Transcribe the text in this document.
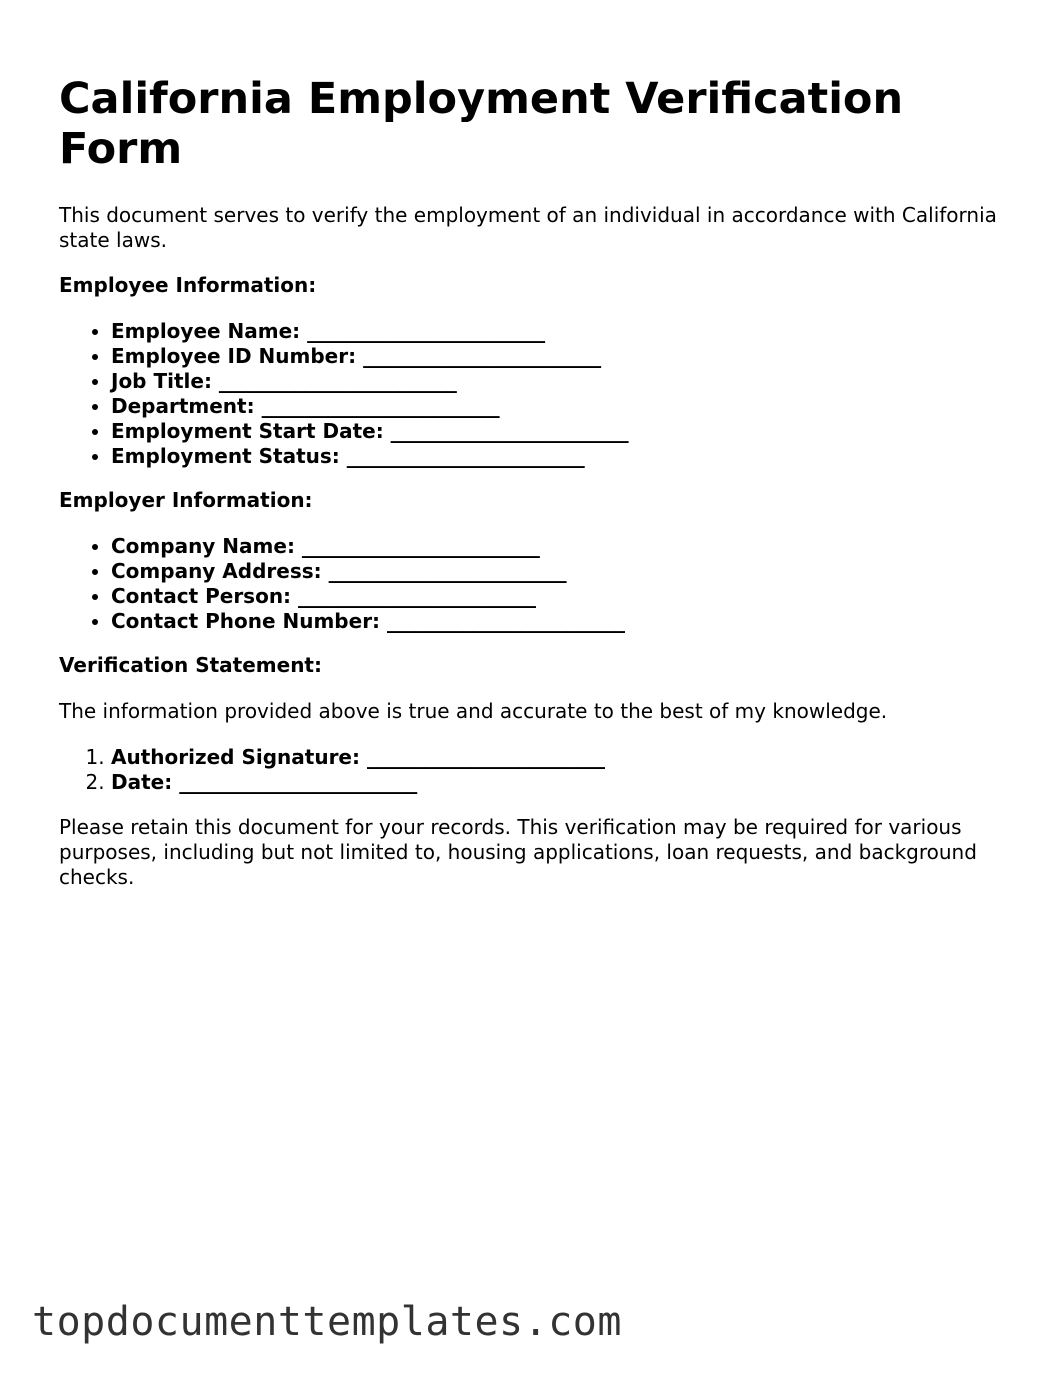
California Employment Verification Form
This document serves to verify the employment of an individual in accordance with California state laws.
Employee Information:
• Employee Name: _________________________
• Employee ID Number: _________________________
• Job Title: _________________________
• Department: _________________________
• Employment Start Date: _________________________
• Employment Status: _________________________
Employer Information:
• Company Name: _________________________
• Company Address: _________________________
• Contact Person: _________________________
• Contact Phone Number: _________________________
Verification Statement:
The information provided above is true and accurate to the best of my knowledge.
1. Authorized Signature: _________________________
2. Date: _________________________
Please retain this document for your records. This verification may be required for various purposes, including but not limited to, housing applications, loan requests, and background checks.
topdocumenttemplates.com
